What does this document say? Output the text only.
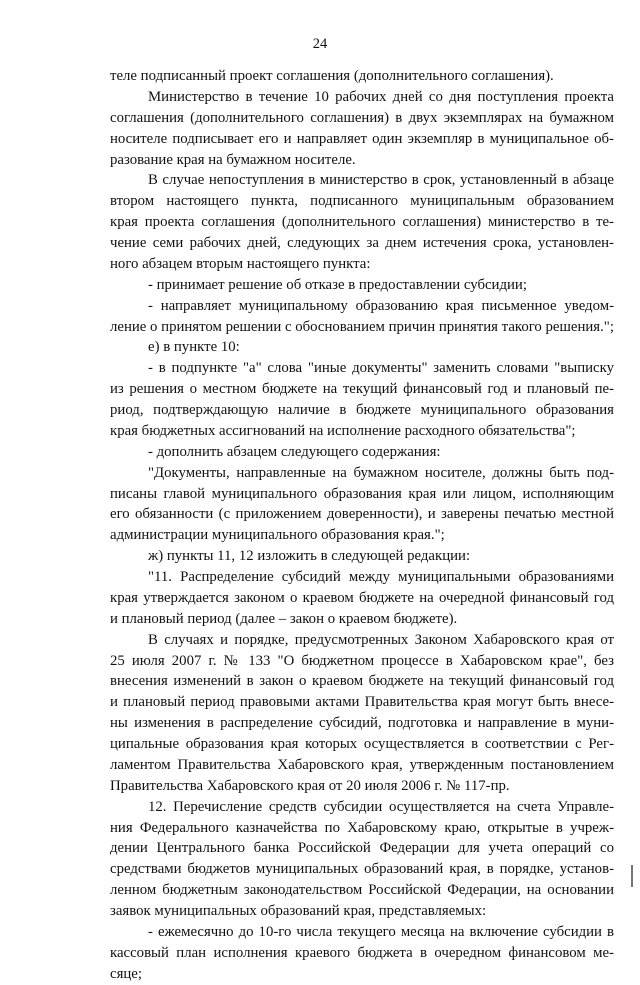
24
теле подписанный проект соглашения (дополнительного соглашения).
Министерство в течение 10 рабочих дней со дня поступления проекта
соглашения (дополнительного соглашения) в двух экземплярах на бумажном
носителе подписывает его и направляет один экземпляр в муниципальное об-
разование края на бумажном носителе.
В случае непоступления в министерство в срок, установленный в абзаце
втором настоящего пункта, подписанного муниципальным образованием
края проекта соглашения (дополнительного соглашения) министерство в те-
чение семи рабочих дней, следующих за днем истечения срока, установлен-
ного абзацем вторым настоящего пункта:
- принимает решение об отказе в предоставлении субсидии;
- направляет муниципальному образованию края письменное уведом-
ление о принятом решении с обоснованием причин принятия такого решения.";
е) в пункте 10:
- в подпункте "а" слова "иные документы" заменить словами "выписку
из решения о местном бюджете на текущий финансовый год и плановый пе-
риод, подтверждающую наличие в бюджете муниципального образования
края бюджетных ассигнований на исполнение расходного обязательства";
- дополнить абзацем следующего содержания:
"Документы, направленные на бумажном носителе, должны быть под-
писаны главой муниципального образования края или лицом, исполняющим
его обязанности (с приложением доверенности), и заверены печатью местной
администрации муниципального образования края.";
ж) пункты 11, 12 изложить в следующей редакции:
"11. Распределение субсидий между муниципальными образованиями
края утверждается законом о краевом бюджете на очередной финансовый год
и плановый период (далее – закон о краевом бюджете).
В случаях и порядке, предусмотренных Законом Хабаровского края от
25 июля 2007 г. № 133 "О бюджетном процессе в Хабаровском крае", без
внесения изменений в закон о краевом бюджете на текущий финансовый год
и плановый период правовыми актами Правительства края могут быть внесе-
ны изменения в распределение субсидий, подготовка и направление в муни-
ципальные образования края которых осуществляется в соответствии с Рег-
ламентом Правительства Хабаровского края, утвержденным постановлением
Правительства Хабаровского края от 20 июля 2006 г. № 117-пр.
12. Перечисление средств субсидии осуществляется на счета Управле-
ния Федерального казначейства по Хабаровскому краю, открытые в учреж-
дении Центрального банка Российской Федерации для учета операций со
средствами бюджетов муниципальных образований края, в порядке, установ-
ленном бюджетным законодательством Российской Федерации, на основании
заявок муниципальных образований края, представляемых:
- ежемесячно до 10-го числа текущего месяца на включение субсидии в
кассовый план исполнения краевого бюджета в очередном финансовом ме-
сяце;
